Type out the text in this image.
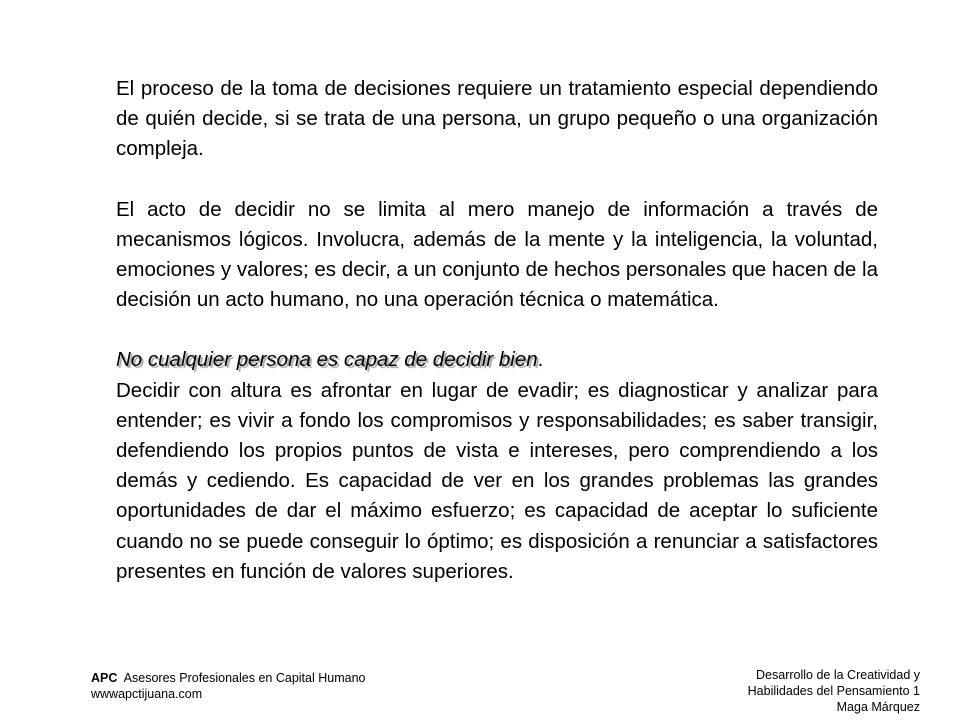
El proceso de la toma de decisiones requiere un tratamiento especial dependiendo de quién decide, si se trata de una persona, un grupo pequeño o una organización compleja.

El acto de decidir no se limita al mero manejo de información a través de mecanismos lógicos. Involucra, además de la mente y la inteligencia, la voluntad, emociones y valores; es decir, a un conjunto de hechos personales que hacen de la decisión un acto humano, no una operación técnica o matemática.

No cualquier persona es capaz de decidir bien.

Decidir con altura es afrontar en lugar de evadir; es diagnosticar y analizar para entender; es vivir a fondo los compromisos y responsabilidades; es saber transigir, defendiendo los propios puntos de vista e intereses, pero comprendiendo a los demás y cediendo. Es capacidad de ver en los grandes problemas las grandes oportunidades de dar el máximo esfuerzo; es capacidad de aceptar lo suficiente cuando no se puede conseguir lo óptimo; es disposición a renunciar a satisfactores presentes en función de valores superiores.

APC Asesores Profesionales en Capital Humano
wwwapctijuana.com
Desarrollo de la Creatividad y
Habilidades del Pensamiento 1
Maga Márquez
